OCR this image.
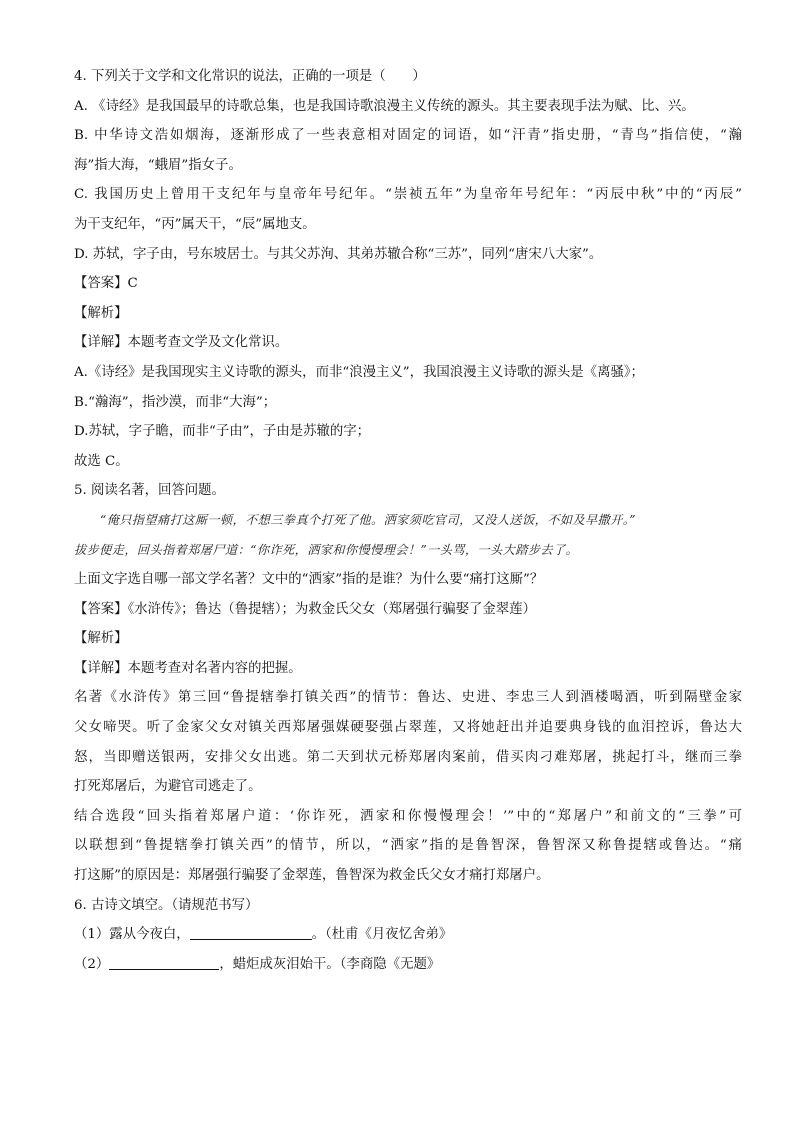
4. 下列关于文学和文化常识的说法，正确的一项是（　　）
A. 《诗经》是我国最早的诗歌总集，也是我国诗歌浪漫主义传统的源头。其主要表现手法为赋、比、兴。
B. 中华诗文浩如烟海，逐渐形成了一些表意相对固定的词语，如“汗青”指史册，“青鸟”指信使，“瀚
海”指大海，“蛾眉”指女子。
C. 我国历史上曾用干支纪年与皇帝年号纪年。“崇祯五年”为皇帝年号纪年：“丙辰中秋”中的“丙辰”
为干支纪年，“丙”属天干，“辰”属地支。
D. 苏轼，字子由，号东坡居士。与其父苏洵、其弟苏辙合称“三苏”，同列“唐宋八大家”。
【答案】C
【解析】
【详解】本题考查文学及文化常识。
A.《诗经》是我国现实主义诗歌的源头，而非“浪漫主义”，我国浪漫主义诗歌的源头是《离骚》；
B.“瀚海”，指沙漠，而非“大海”；
D.苏轼，字子瞻，而非“子由”，子由是苏辙的字；
故选 C。
5. 阅读名著，回答问题。
“俺只指望痛打这厮一顿，不想三拳真个打死了他。洒家须吃官司，又没人送饭，不如及早撒开。”
拔步便走，回头指着郑屠尸道：“你诈死，洒家和你慢慢理会！”一头骂，一头大踏步去了。
上面文字选自哪一部文学名著？文中的“洒家”指的是谁？为什么要“痛打这厮”？
【答案】《水浒传》；鲁达（鲁提辖）；为救金氏父女（郑屠强行骗娶了金翠莲）
【解析】
【详解】本题考查对名著内容的把握。
名著《水浒传》第三回“鲁提辖拳打镇关西”的情节：鲁达、史进、李忠三人到酒楼喝酒，听到隔壁金家
父女啼哭。听了金家父女对镇关西郑屠强媒硬娶强占翠莲，又将她赶出并追要典身钱的血泪控诉，鲁达大
怒，当即赠送银两，安排父女出逃。第二天到状元桥郑屠肉案前，借买肉刁难郑屠，挑起打斗，继而三拳
打死郑屠后，为避官司逃走了。
结合选段“回头指着郑屠户道：‘你诈死，洒家和你慢慢理会！’”中的“郑屠户”和前文的“三拳”可
以联想到“鲁提辖拳打镇关西”的情节，所以，“洒家”指的是鲁智深，鲁智深又称鲁提辖或鲁达。“痛
打这厮”的原因是：郑屠强行骗娶了金翠莲，鲁智深为救金氏父女才痛打郑屠户。
6. 古诗文填空。（请规范书写）
（1）露从今夜白，	。（杜甫《月夜忆舍弟》
（2）	，蜡炬成灰泪始干。（李商隐《无题》
